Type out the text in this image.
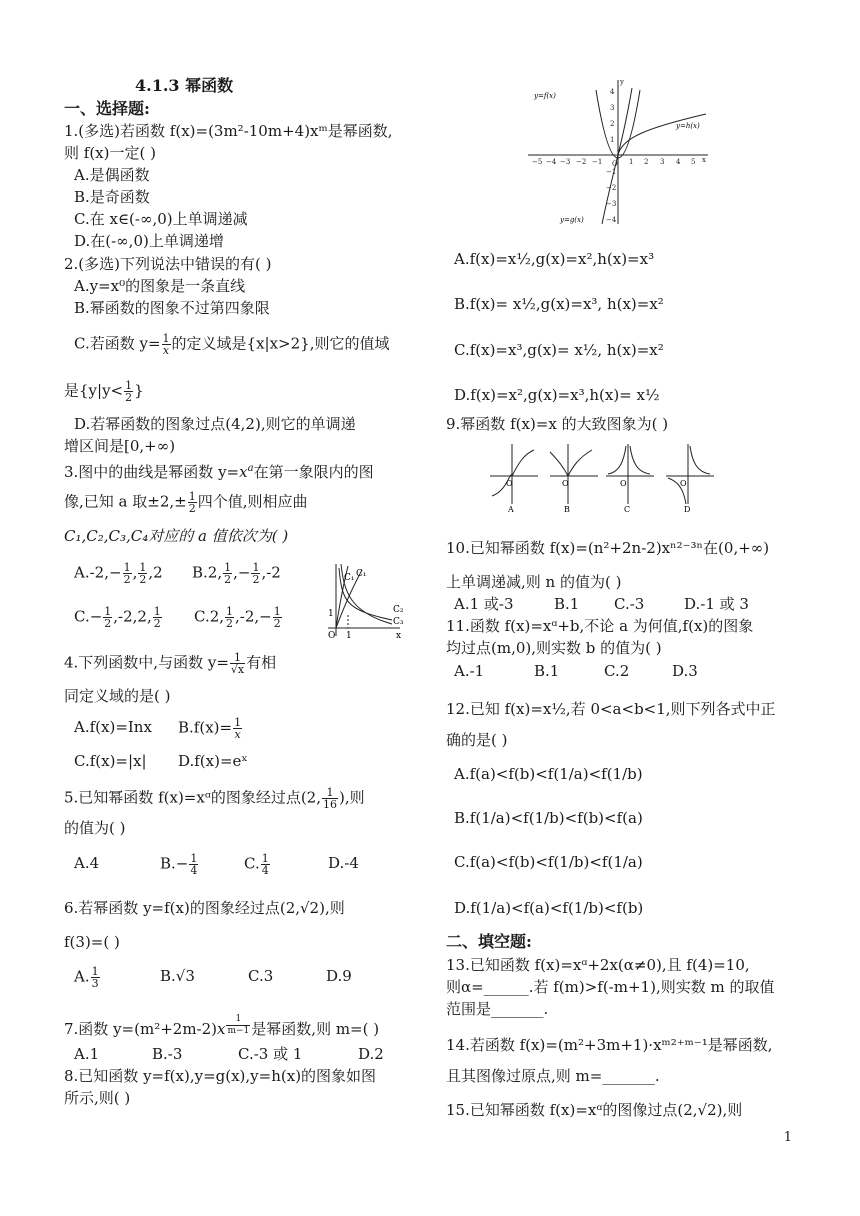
4.1.3 幂函数
一、选择题:
1.(多选)若函数 f(x)=(3m²-10m+4)xᵐ是幂函数,
则 f(x)一定( )
A.是偶函数
B.是奇函数
C.在 x∈(-∞,0)上单调递减
D.在(-∞,0)上单调递增
2.(多选)下列说法中错误的有( )
A.y=x⁰的图象是一条直线
B.幂函数的图象不过第四象限
C.若函数 $y= \frac{1}{x}$ 的定义域是{x|x>2},则它的值域
是{$y|y< \frac{1}{2}$ }
D.若幂函数的图象过点(4,2),则它的单调递
增区间是[0,+∞)
3.图中的曲线是幂函数 $y=x^a$在第一象限内的图
像,已知 a 取$\pm 2,\pm \frac{1}{2}$ 四个值,则相应曲
C₁,C₂,C₃,C₄对应的 a 值依次为( )
$A.-2,- \frac{1}{2}$ , $\frac{1}{2} ,2$ B.2, $\frac{1}{2}$ ,− $\frac{1}{2} ,-2$
$C.- \frac{1}{2} ,-2,2$, $\frac{1}{2} C.2$, $\frac{1}{2} ,-2,- \frac{1}{2}$
C₁ C₁
C₂
C₃
O 1
1
x
4.下列函数中,与函数 $y= \frac{1}{√x}$ 有相
同定义域的是( )
A.f(x)=Inx $B.f(x)= \frac{1}{x}$
C.f(x)=|x| D.f(x)=eˣ
5.已知幂函数 f(x)=xᵅ的图象经过点(2, $\frac{1}{16}$ ),则
的值为( )
A.4	$B.- \frac{1}{4}$	C. $\frac{1}{4}$	D.-4
6.若幂函数 y=f(x)的图象经过点(2,√2),则
f(3)=( )
A. $\frac{1}{3}$	B.√3	C.3	D.9
7.函数 y=(m²+2m-2)x $^{\frac{1}{m-1}}$ 是幂函数,则 m=( )
A.1	B.-3	C.-3 或 1	D.2
8.已知函数 y=f(x),y=g(x),y=h(x)的图象如图
所示,则( )
−5 −4 −3 −2 −1	1 2 3 4 5
4
3
2
1
−1
−2
−3
−4
x
y
O
y=f(x)
y=h(x)
y=g(x)
A.f(x)=x½,g(x)=x²,h(x)=x³
B.f(x)= x½,g(x)=x³, h(x)=x²
C.f(x)=x³,g(x)= x½, h(x)=x²
D.f(x)=x²,g(x)=x³,h(x)= x½
9.幂函数 f(x)=x 的大致图象为( )
O	O	O	O
A	B	C	D
10.已知幂函数 f(x)=(n²+2n-2)xⁿ²⁻³ⁿ在(0,+∞)
上单调递减,则 n 的值为( )
A.1 或-3	B.1 C.-3	D.-1 或 3
11.函数 f(x)=xᵅ+b,不论 a 为何值,f(x)的图象
均过点(m,0),则实数 b 的值为( )
A.-1	B.1	C.2	D.3
12.已知 f(x)=x½,若 0<a<b<1,则下列各式中正
确的是( )
A.f(a)<f(b)<f(1/a)<f(1/b)
B.f(1/a)<f(1/b)<f(b)<f(a)
C.f(a)<f(b)<f(1/b)<f(1/a)
D.f(1/a)<f(a)<f(1/b)<f(b)
二、填空题:
13.已知函数 f(x)=xᵅ+2x(α≠0),且 f(4)=10,
则α=______.若 f(m)>f(-m+1),则实数 m 的取值
范围是_______.
14.若函数 f(x)=(m²+3m+1)·xᵐ²⁺ᵐ⁻¹是幂函数,
且其图像过原点,则 m=_______.
15.已知幂函数 f(x)=xᵅ的图像过点(2,√2),则
1
